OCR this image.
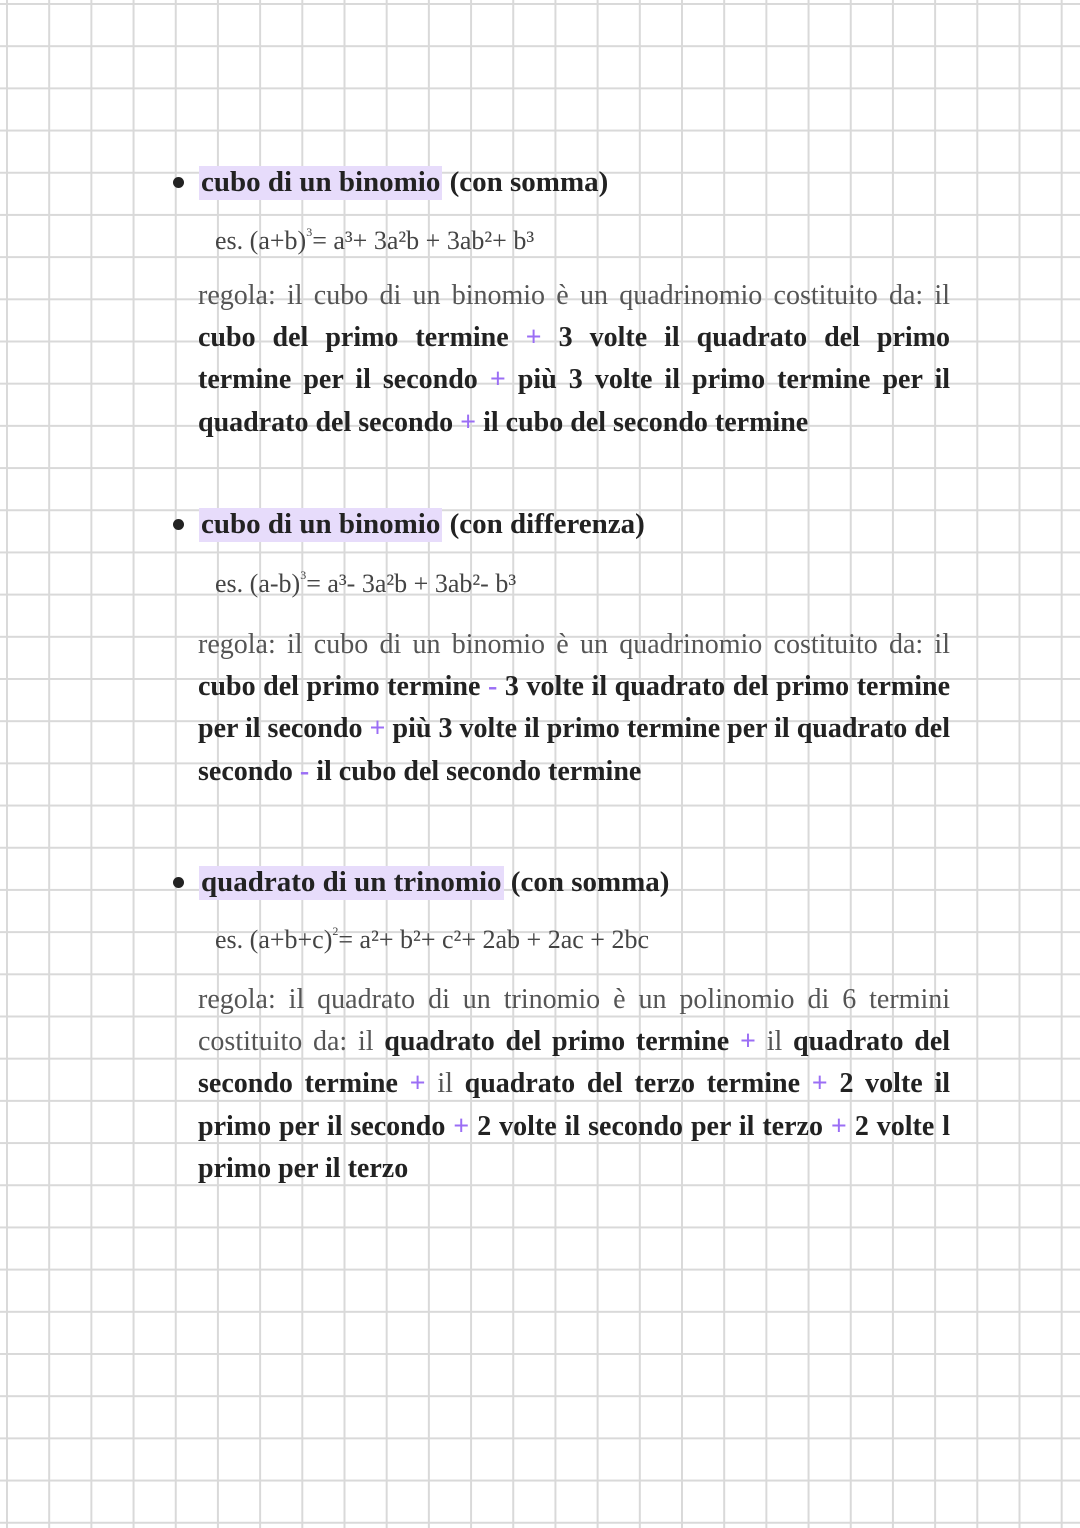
cubo di un binomio (con somma)
es. $(a+b)^3= a^3+ 3a^2b + 3ab^2+ b^3$
regola: il cubo di un binomio è un quadrinomio costituito da: il cubo del primo termine + 3 volte il quadrato del primo termine per il secondo + più 3 volte il primo termine per il quadrato del secondo + il cubo del secondo termine
cubo di un binomio (con differenza)
es. $(a-b)^3= a^3-$ 3a²b + 3ab²- b³
regola: il cubo di un binomio è un quadrinomio costituito da: il cubo del primo termine - 3 volte il quadrato del primo termine per il secondo + più 3 volte il primo termine per il quadrato del secondo - il cubo del secondo termine
quadrato di un trinomio (con somma)
es. $(a+b+c)^2= a^2+ b^2+ c^2+ 2ab + 2ac + 2bc$
regola: il quadrato di un trinomio è un polinomio di 6 termini costituito da: il quadrato del primo termine + il quadrato del secondo termine + il quadrato del terzo termine + 2 volte il primo per il secondo + 2 volte il secondo per il terzo + 2 volte l primo per il terzo
